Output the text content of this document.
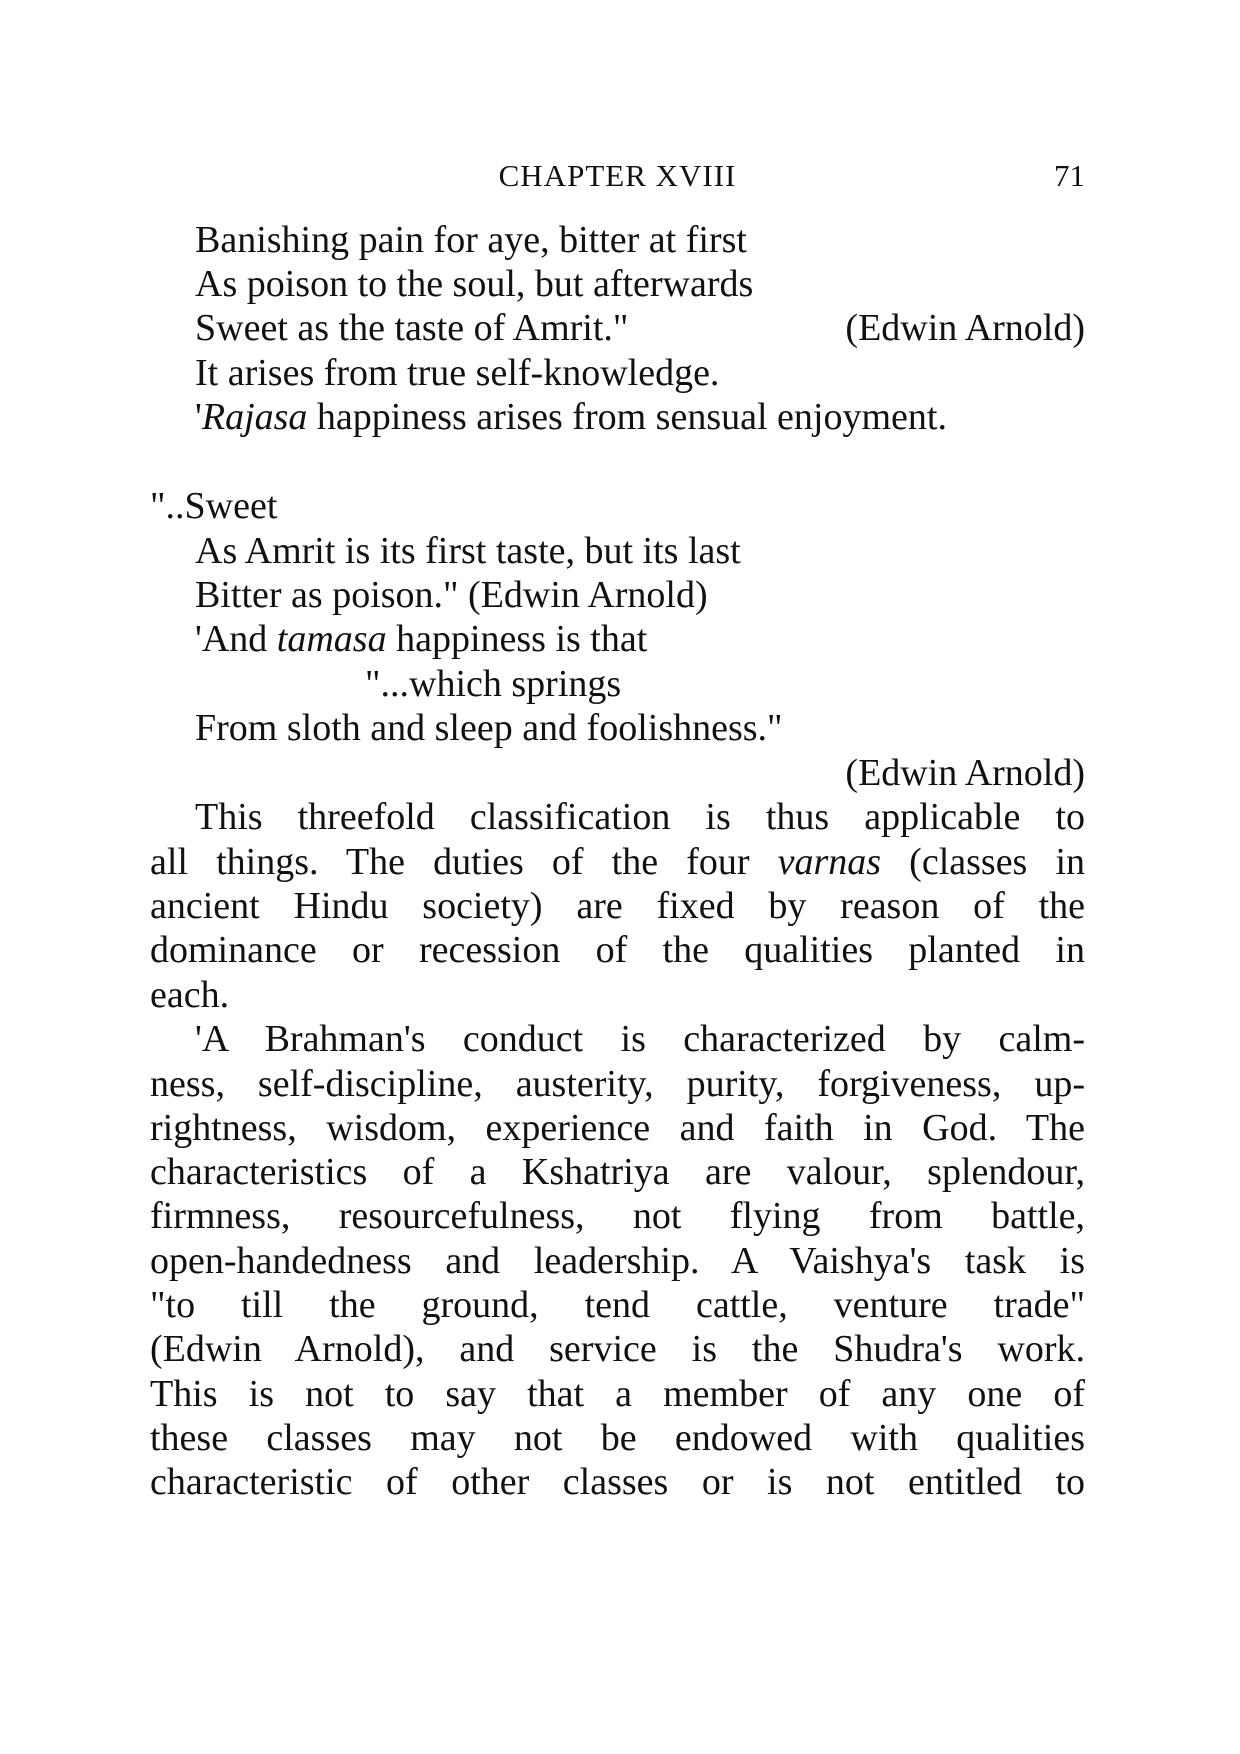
CHAPTER XVIII	71
Banishing pain for aye, bitter at first
As poison to the soul, but afterwards
Sweet as the taste of Amrit."	(Edwin Arnold)
It arises from true self-knowledge.
'Rajasa happiness arises from sensual enjoyment.
"..Sweet
As Amrit is its first taste, but its last
Bitter as poison." (Edwin Arnold)
'And tamasa happiness is that
"...which springs
From sloth and sleep and foolishness."
(Edwin Arnold)
This threefold classification is thus applicable to
all things. The duties of the four varnas (classes in
ancient Hindu society) are fixed by reason of the
dominance or recession of the qualities planted in
each.
'A Brahman's conduct is characterized by calm-
ness, self-discipline, austerity, purity, forgiveness, up-
rightness, wisdom, experience and faith in God. The
characteristics of a Kshatriya are valour, splendour,
firmness, resourcefulness, not flying from battle,
open-handedness and leadership. A Vaishya's task is
"to till the ground, tend cattle, venture trade"
(Edwin Arnold), and service is the Shudra's work.
This is not to say that a member of any one of
these classes may not be endowed with qualities
characteristic of other classes or is not entitled to
